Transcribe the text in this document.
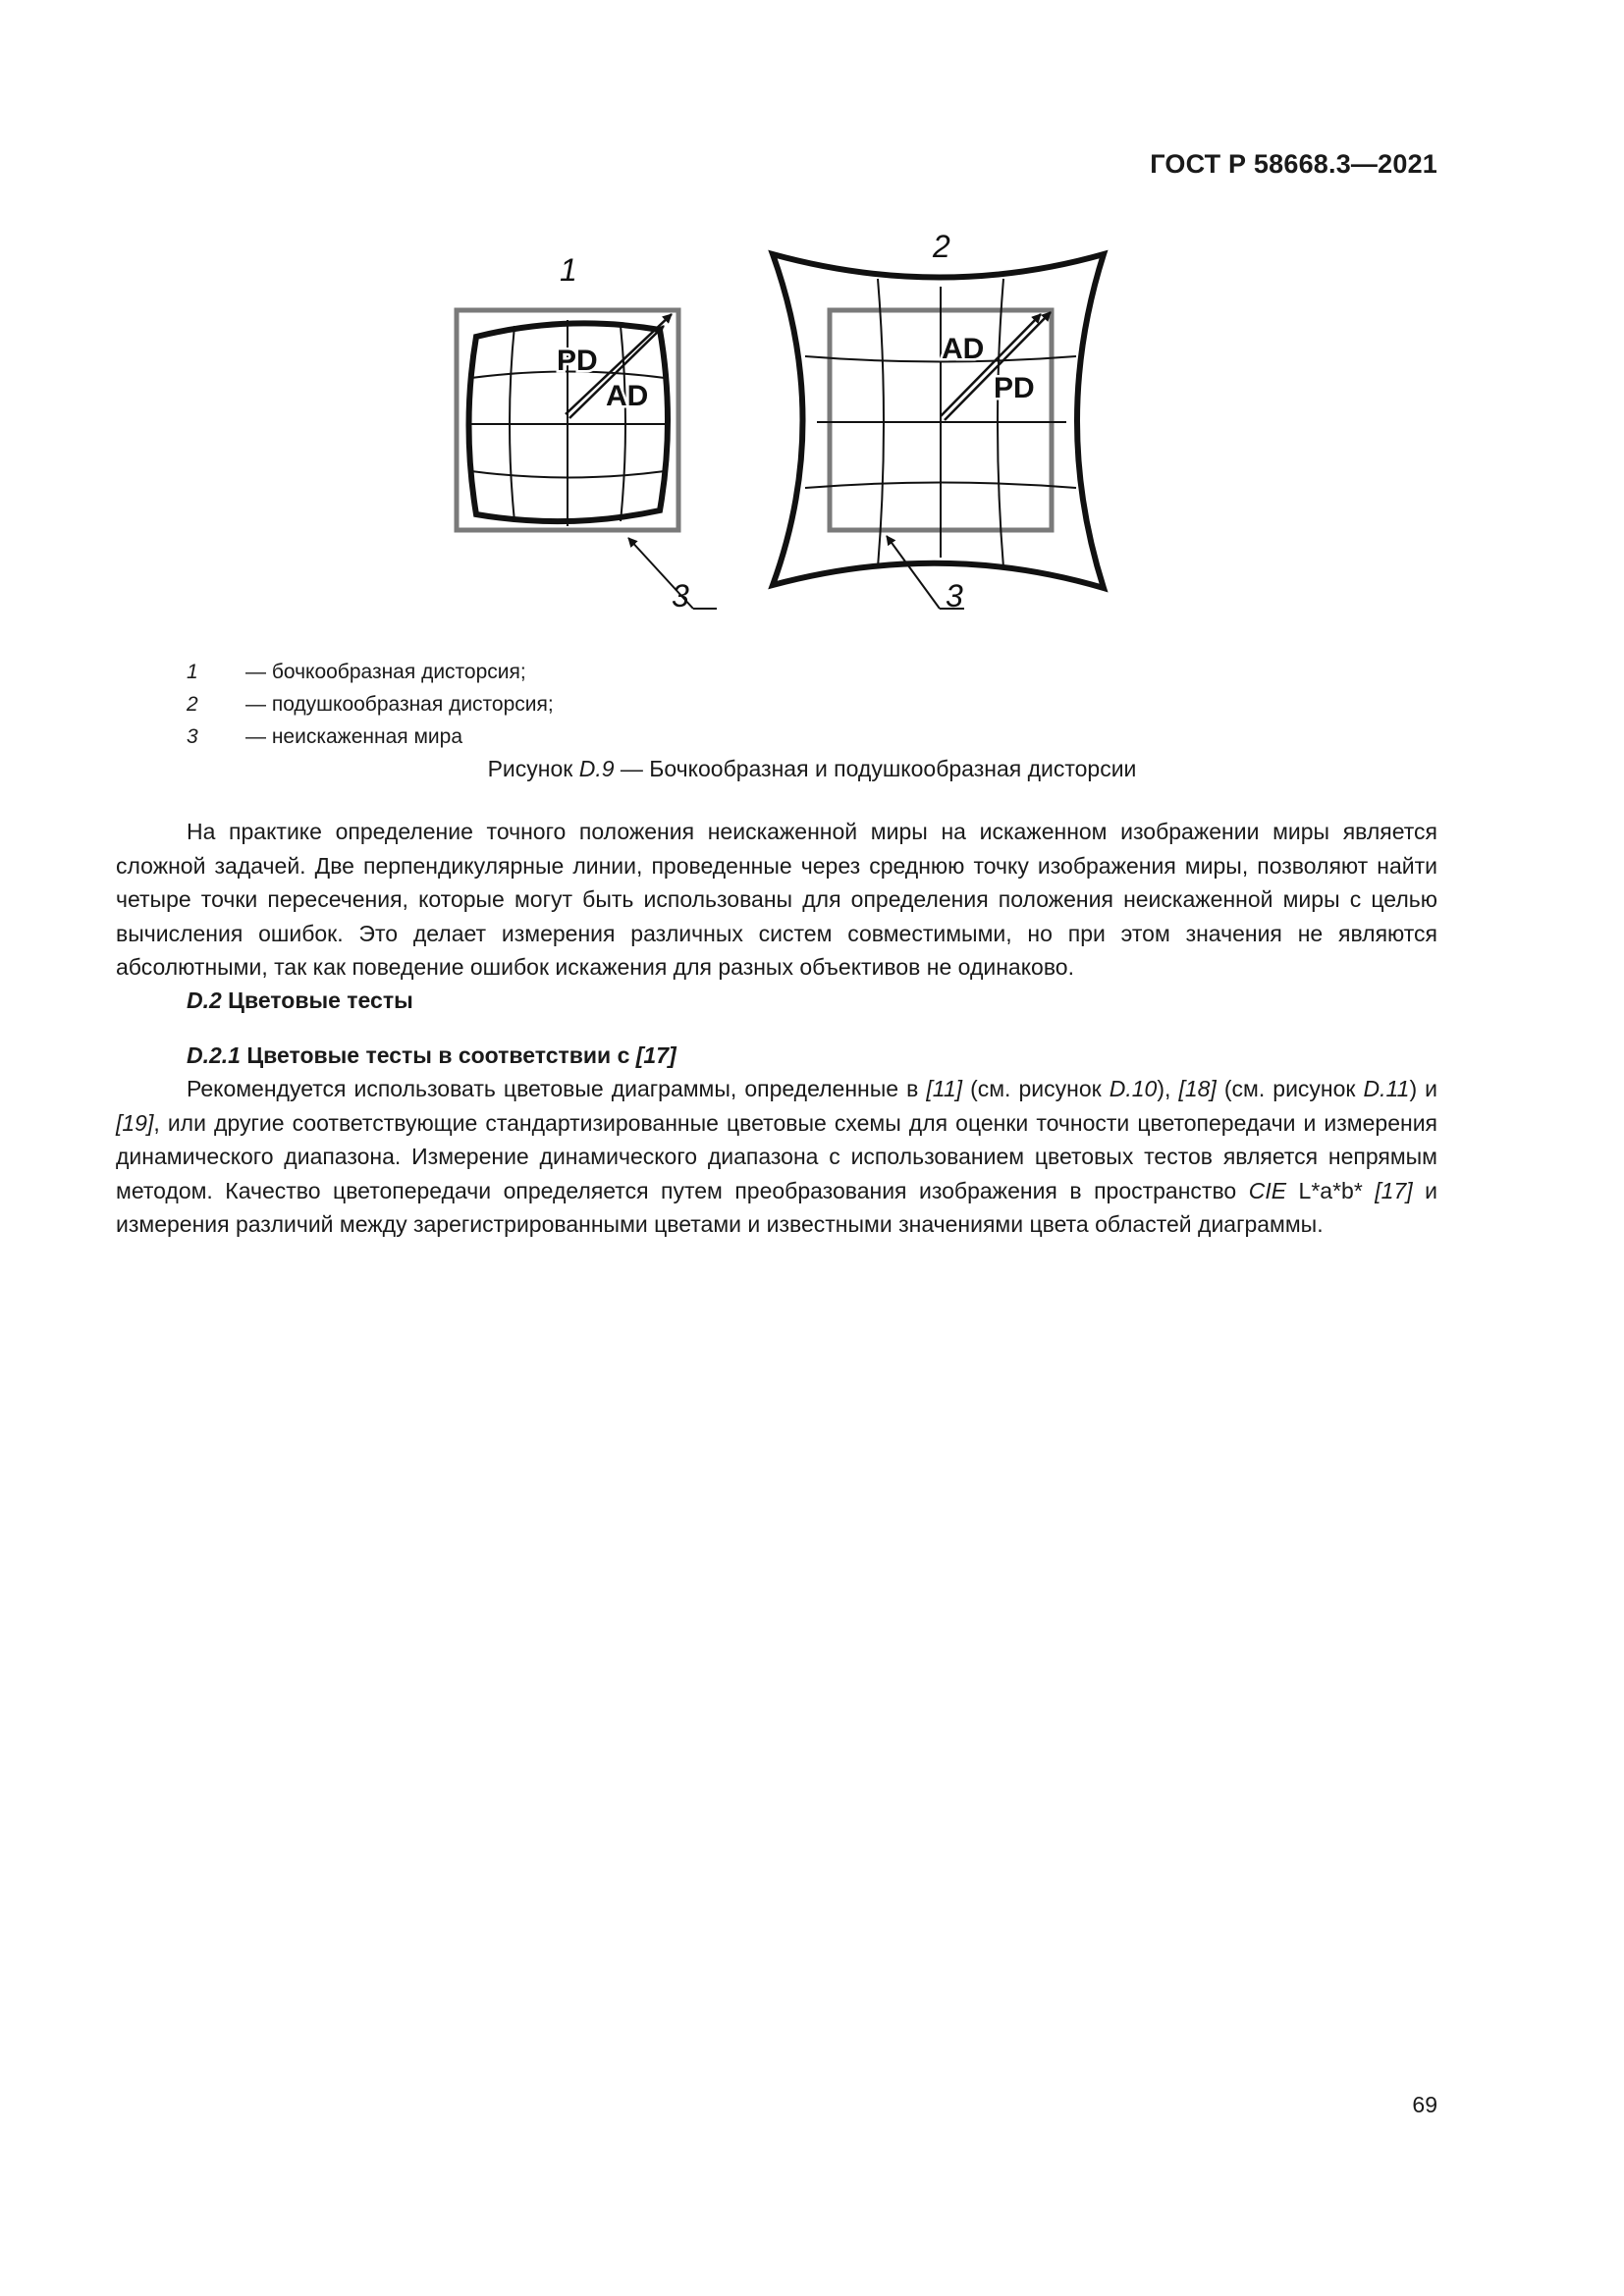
ГОСТ Р 58668.3—2021
PD
AD
1
3
AD
PD
2
3
1	— бочкообразная дисторсия;
2	— подушкообразная дисторсия;
3	— неискаженная мира
Рисунок D.9 — Бочкообразная и подушкообразная дисторсии
На практике определение точного положения неискаженной миры на искаженном изображении миры является сложной задачей. Две перпендикулярные линии, проведенные через среднюю точку изображения миры, позволяют найти четыре точки пересечения, которые могут быть использованы для определения положения неискаженной миры с целью вычисления ошибок. Это делает измерения различных систем совместимыми, но при этом значения не являются абсолютными, так как поведение ошибок искажения для разных объективов не одинаково.
D.2 Цветовые тесты
D.2.1 Цветовые тесты в соответствии с [17]
Рекомендуется использовать цветовые диаграммы, определенные в [11] (см. рисунок D.10), [18] (см. рисунок D.11) и [19], или другие соответствующие стандартизированные цветовые схемы для оценки точности цветопередачи и измерения динамического диапазона. Измерение динамического диапазона с использованием цветовых тестов является непрямым методом. Качество цветопередачи определяется путем преобразования изображения в пространство CIE L*a*b* [17] и измерения различий между зарегистрированными цветами и известными значениями цвета областей диаграммы.
69
